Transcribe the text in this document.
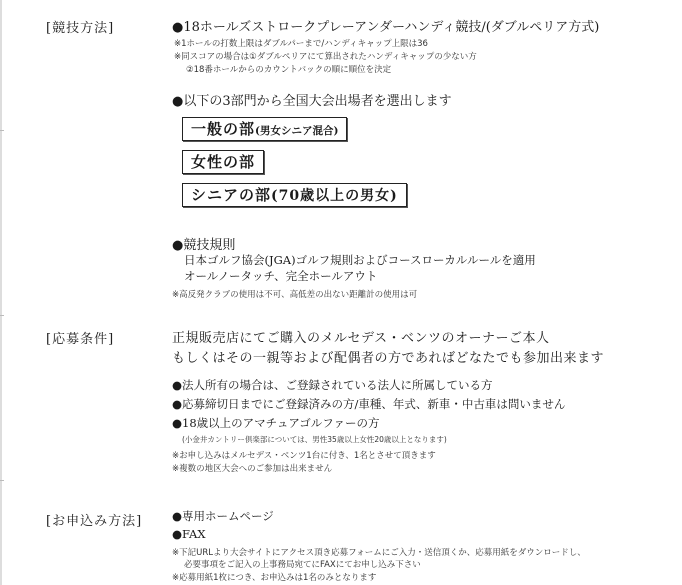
[競技方法]	●18ホールズストロークプレーアンダーハンディ競技/(ダブルペリア方式)
※1ホールの打数上限はダブルパーまで/ハンディキャップ上限は36
※同スコアの場合は①ダブルペリアにて算出されたハンディキャップの少ない方
②18番ホールからのカウントバックの順に順位を決定
●以下の3部門から全国大会出場者を選出します
一般の部(男女シニア混合)
女性の部
シニアの部(70歳以上の男女)
●競技規則
日本ゴルフ協会(JGA)ゴルフ規則およびコースローカルルールを適用
オールノータッチ、完全ホールアウト
※高反発クラブの使用は不可、高低差の出ない距離計の使用は可
[応募条件]	正規販売店にてご購入のメルセデス・ベンツのオーナーご本人
もしくはその一親等および配偶者の方であればどなたでも参加出来ます
●法人所有の場合は、ご登録されている法人に所属している方
●応募締切日までにご登録済みの方/車種、年式、新車・中古車は問いません
●18歳以上のアマチュアゴルファーの方
(小金井カントリー倶楽部については、男性35歳以上女性20歳以上となります)
※お申し込みはメルセデス・ベンツ1台に付き、1名とさせて頂きます
※複数の地区大会へのご参加は出来ません
[お申込み方法]	●専用ホームページ
●FAX
※下記URLより大会サイトにアクセス頂き応募フォームにご入力・送信頂くか、応募用紙をダウンロードし、
必要事項をご記入の上事務局宛てにFAXにてお申し込み下さい
※応募用紙1枚につき、お申込みは1名のみとなります
